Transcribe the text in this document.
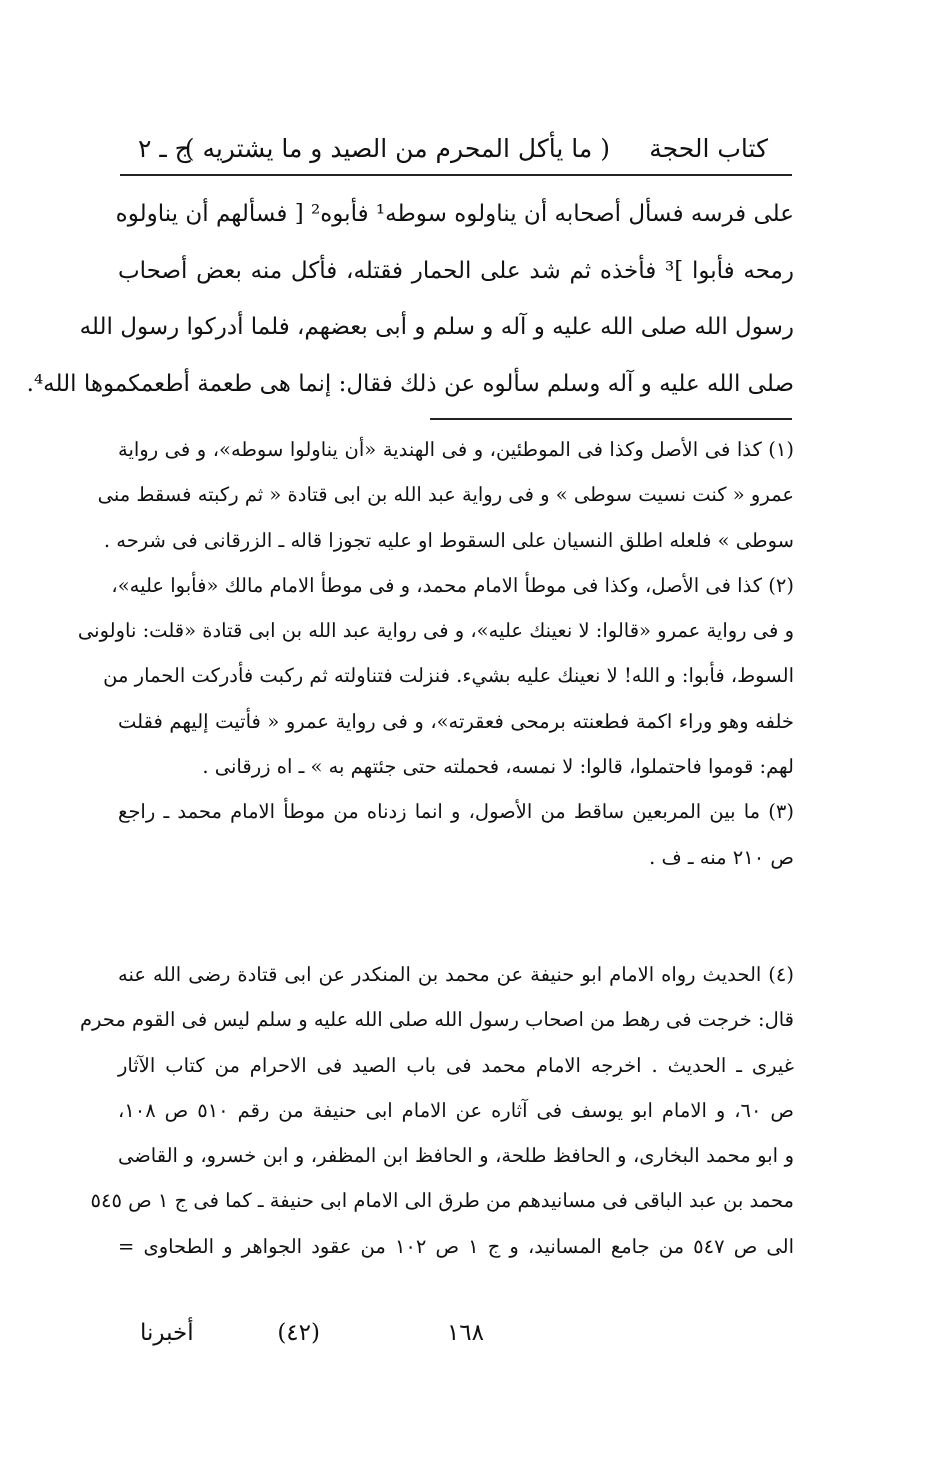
كتاب الحجة
( ما يأكل المحرم من الصيد و ما يشتريه )
ج ـ ٢
على فرسه فسأل أصحابه أن يناولوه سوطه¹ فأبوه² [ فسألهم أن يناولوه
رمحه فأبوا ]³ فأخذه ثم شد على الحمار فقتله، فأكل منه بعض أصحاب
رسول الله صلى الله عليه و آله و سلم و أبى بعضهم، فلما أدركوا رسول الله
صلى الله عليه و آله وسلم سألوه عن ذلك فقال: إنما هى طعمة أطعمكموها الله⁴.
(١) كذا فى الأصل وكذا فى الموطئين، و فى الهندية «أن يناولوا سوطه»، و فى رواية
عمرو « كنت نسيت سوطى » و فى رواية عبد الله بن ابى قتادة « ثم ركبته فسقط منى
سوطى » فلعله اطلق النسيان على السقوط او عليه تجوزا قاله ـ الزرقانى فى شرحه .
(٢) كذا فى الأصل، وكذا فى موطأ الامام محمد، و فى موطأ الامام مالك «فأبوا عليه»،
و فى رواية عمرو «قالوا: لا نعينك عليه»، و فى رواية عبد الله بن ابى قتادة «قلت: ناولونى
السوط، فأبوا: و الله! لا نعينك عليه بشيء. فنزلت فتناولته ثم ركبت فأدركت الحمار من
خلفه وهو وراء اكمة فطعنته برمحى فعقرته»، و فى رواية عمرو « فأتيت إليهم فقلت
لهم: قوموا فاحتملوا، قالوا: لا نمسه، فحملته حتى جئتهم به » ـ اه زرقانى .
(٣) ما بين المربعين ساقط من الأصول، و انما زدناه من موطأ الامام محمد ـ راجع
ص ٢١٠ منه ـ ف .
(٤) الحديث رواه الامام ابو حنيفة عن محمد بن المنكدر عن ابى قتادة رضى الله عنه
قال: خرجت فى رهط من اصحاب رسول الله صلى الله عليه و سلم ليس فى القوم محرم
غيرى ـ الحديث . اخرجه الامام محمد فى باب الصيد فى الاحرام من كتاب الآثار
ص ٦٠، و الامام ابو يوسف فى آثاره عن الامام ابى حنيفة من رقم ٥١٠ ص ١٠٨،
و ابو محمد البخارى، و الحافظ طلحة، و الحافظ ابن المظفر، و ابن خسرو، و القاضى
محمد بن عبد الباقى فى مسانيدهم من طرق الى الامام ابى حنيفة ـ كما فى ج ١ ص ٥٤٥
الى ص ٥٤٧ من جامع المسانيد، و ج ١ ص ١٠٢ من عقود الجواهر و الطحاوى =
١٦٨
(٤٢)
أخبرنا
